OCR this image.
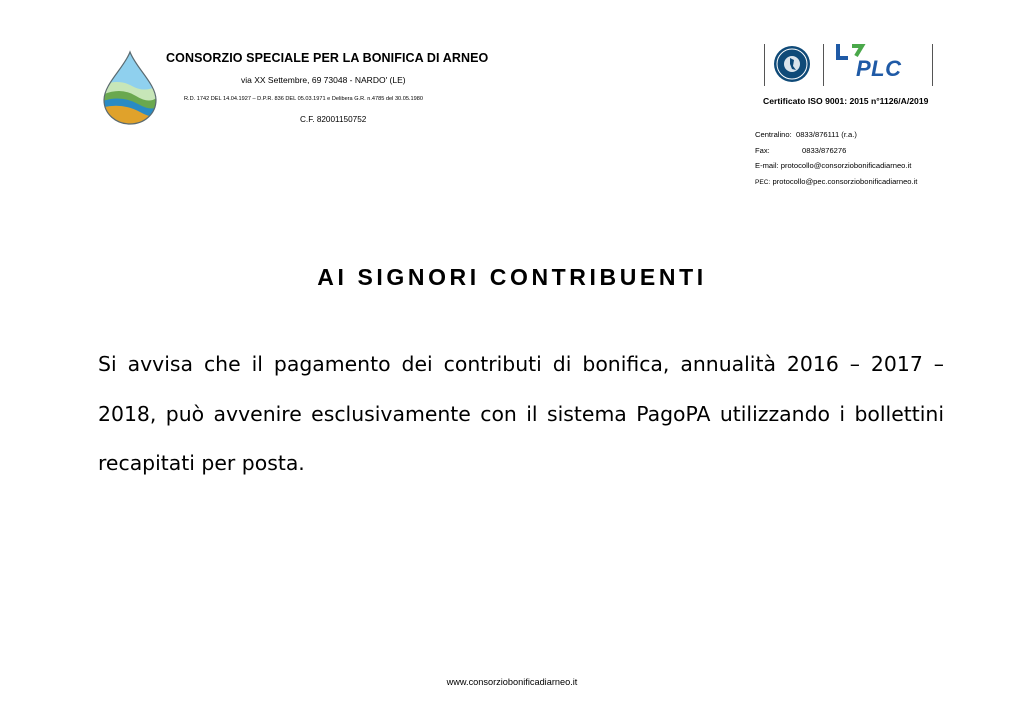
CONSORZIO SPECIALE PER LA BONIFICA DI ARNEO
via XX Settembre, 69 73048 - NARDO' (LE)
R.D. 1742 DEL 14.04.1927 – D.P.R. 836 DEL 05.03.1971 e Delibera G.R. n.4785 del 30.05.1980
C.F. 82001150752
PLC
Certificato ISO 9001: 2015 n°1126/A/2019
Centralino: 0833/876111 (r.a.)
Fax:	0833/876276
E-mail: protocollo@consorziobonificadiarneo.it
PEC: protocollo@pec.consorziobonificadiarneo.it
AI SIGNORI CONTRIBUENTI
Si avvisa che il pagamento dei contributi di bonifica, annualità 2016 – 2017 – 2018, può avvenire esclusivamente con il sistema PagoPA utilizzando i bollettini recapitati per posta.
www.consorziobonificadiarneo.it
